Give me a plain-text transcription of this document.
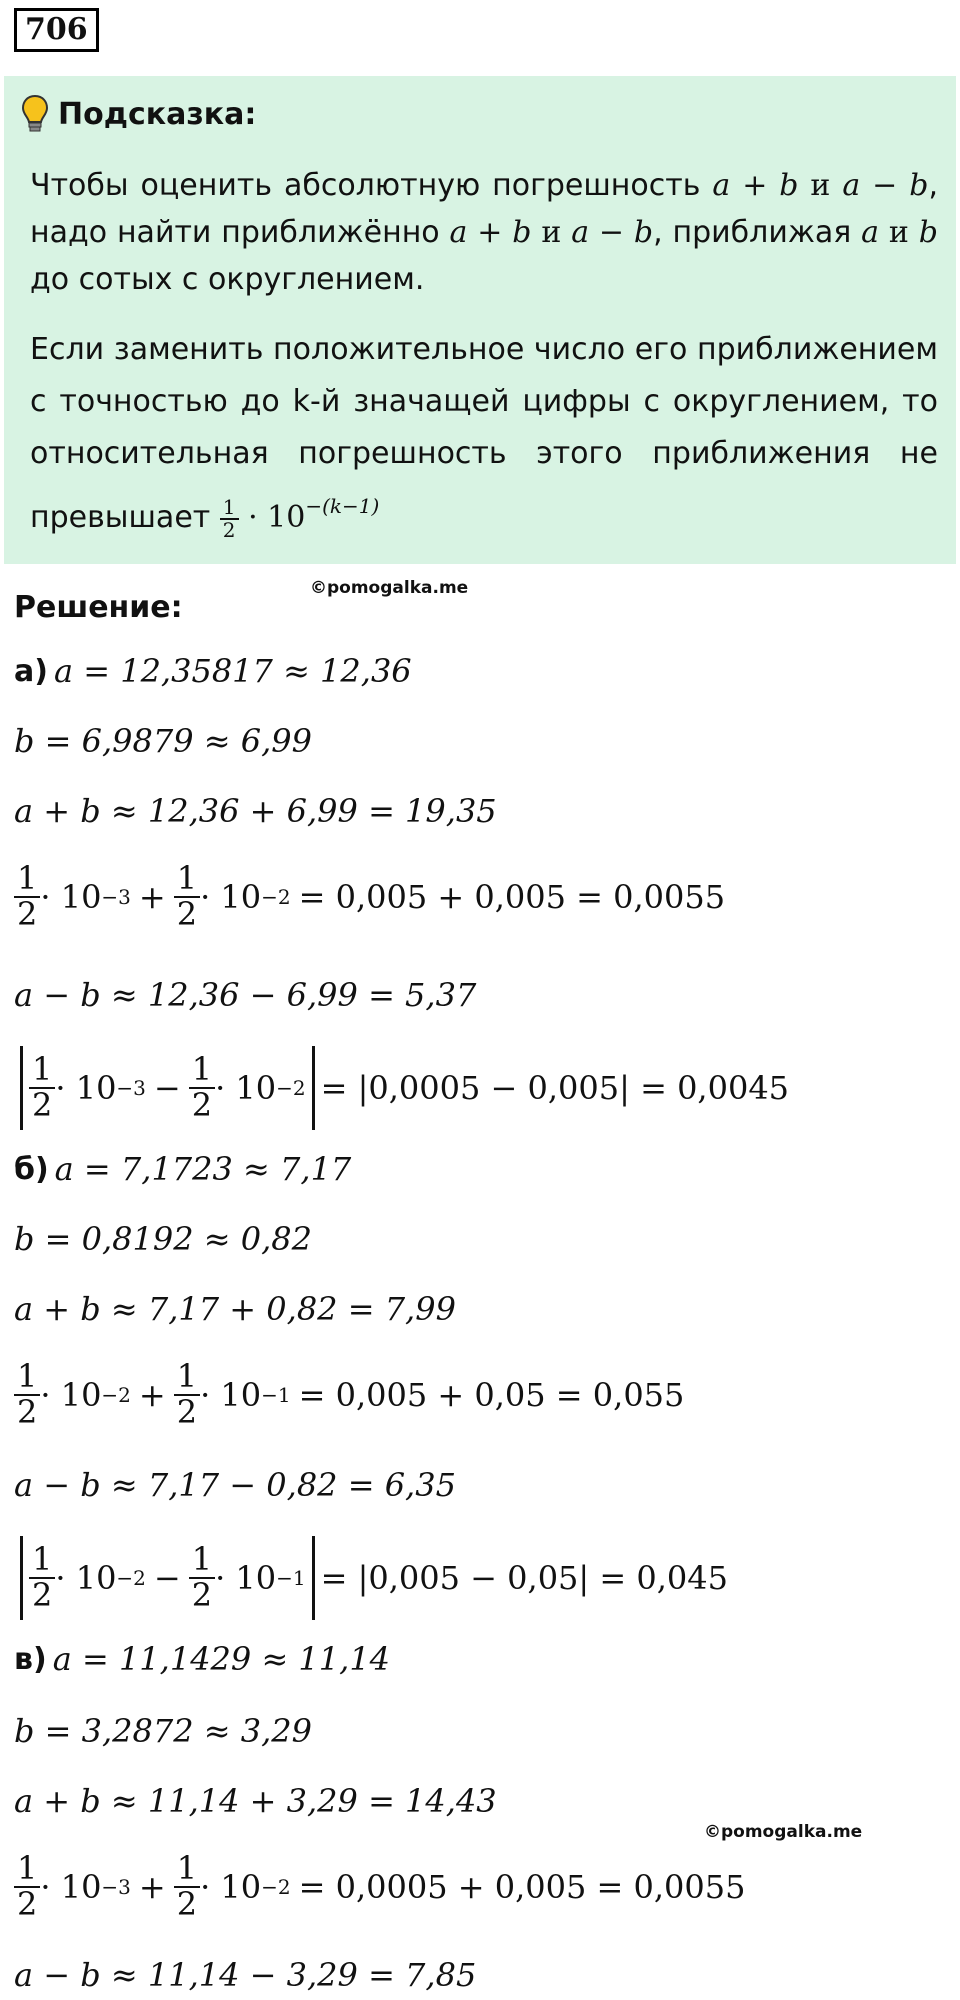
706
Подсказка:
Чтобы оценить абсолютную погрешность a + b и a − b, надо найти приближённо a + b и a − b, приближая a и b до сотых с округлением.
Если заменить положительное число его приближением с точностью до k-й значащей цифры с округлением, то относительная погрешность этого приближения не превышает $\frac{1}{2} \cdot 10^{-(k-1)}$
©pomogalka.me
Решение:
а) a = 12,35817 ≈ 12,36
b = 6,9879 ≈ 6,99
a + b ≈ 12,36 + 6,99 = 19,35
$\frac{1}{2} \cdot 10 -3 + \frac{1}{2} \cdot 10 -2 = 0,005 + 0,005 = 0,0055$
a − b ≈ 12,36 − 6,99 = 5,37
$\frac{1}{2} \cdot 10 -3 - \frac{1}{2} \cdot 10 -2 = |0,0005 - 0,005| = 0,0045$
б) a = 7,1723 ≈ 7,17
b = 0,8192 ≈ 0,82
a + b ≈ 7,17 + 0,82 = 7,99
$\frac{1}{2} \cdot 10 -2 + \frac{1}{2} \cdot 10 -1 = 0,005 + 0,05 = 0,055$
a − b ≈ 7,17 − 0,82 = 6,35
$\frac{1}{2} \cdot 10 -2 - \frac{1}{2} \cdot 10 -1 = |0,005 - 0,05| = 0,045$
в) a = 11,1429 ≈ 11,14
b = 3,2872 ≈ 3,29
a + b ≈ 11,14 + 3,29 = 14,43
©pomogalka.me
$\frac{1}{2} \cdot 10 -3 + \frac{1}{2} \cdot 10 -2 = 0,0005 + 0,005 = 0,0055$
a − b ≈ 11,14 − 3,29 = 7,85
